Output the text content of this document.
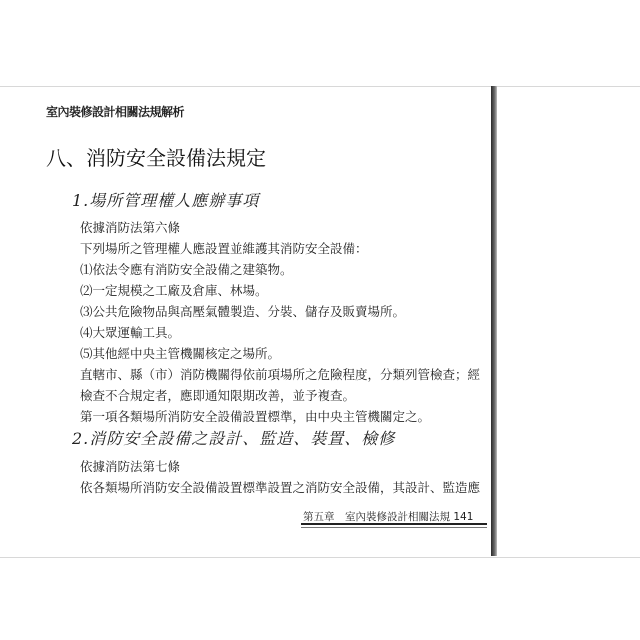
室內裝修設計相關法規解析
八、消防安全設備法規定
1.場所管理權人應辦事項
依據消防法第六條
下列場所之管理權人應設置並維護其消防安全設備：
⑴依法令應有消防安全設備之建築物。
⑵一定規模之工廠及倉庫、林場。
⑶公共危險物品與高壓氣體製造、分裝、儲存及販賣場所。
⑷大眾運輸工具。
⑸其他經中央主管機關核定之場所。
直轄市、縣（市）消防機關得依前項場所之危險程度，分類列管檢查；經
檢查不合規定者，應即通知限期改善，並予複查。
第一項各類場所消防安全設備設置標準，由中央主管機關定之。
2.消防安全設備之設計、監造、裝置、檢修
依據消防法第七條
依各類場所消防安全設備設置標準設置之消防安全設備，其設計、監造應
第五章　室內裝修設計相關法規 141
